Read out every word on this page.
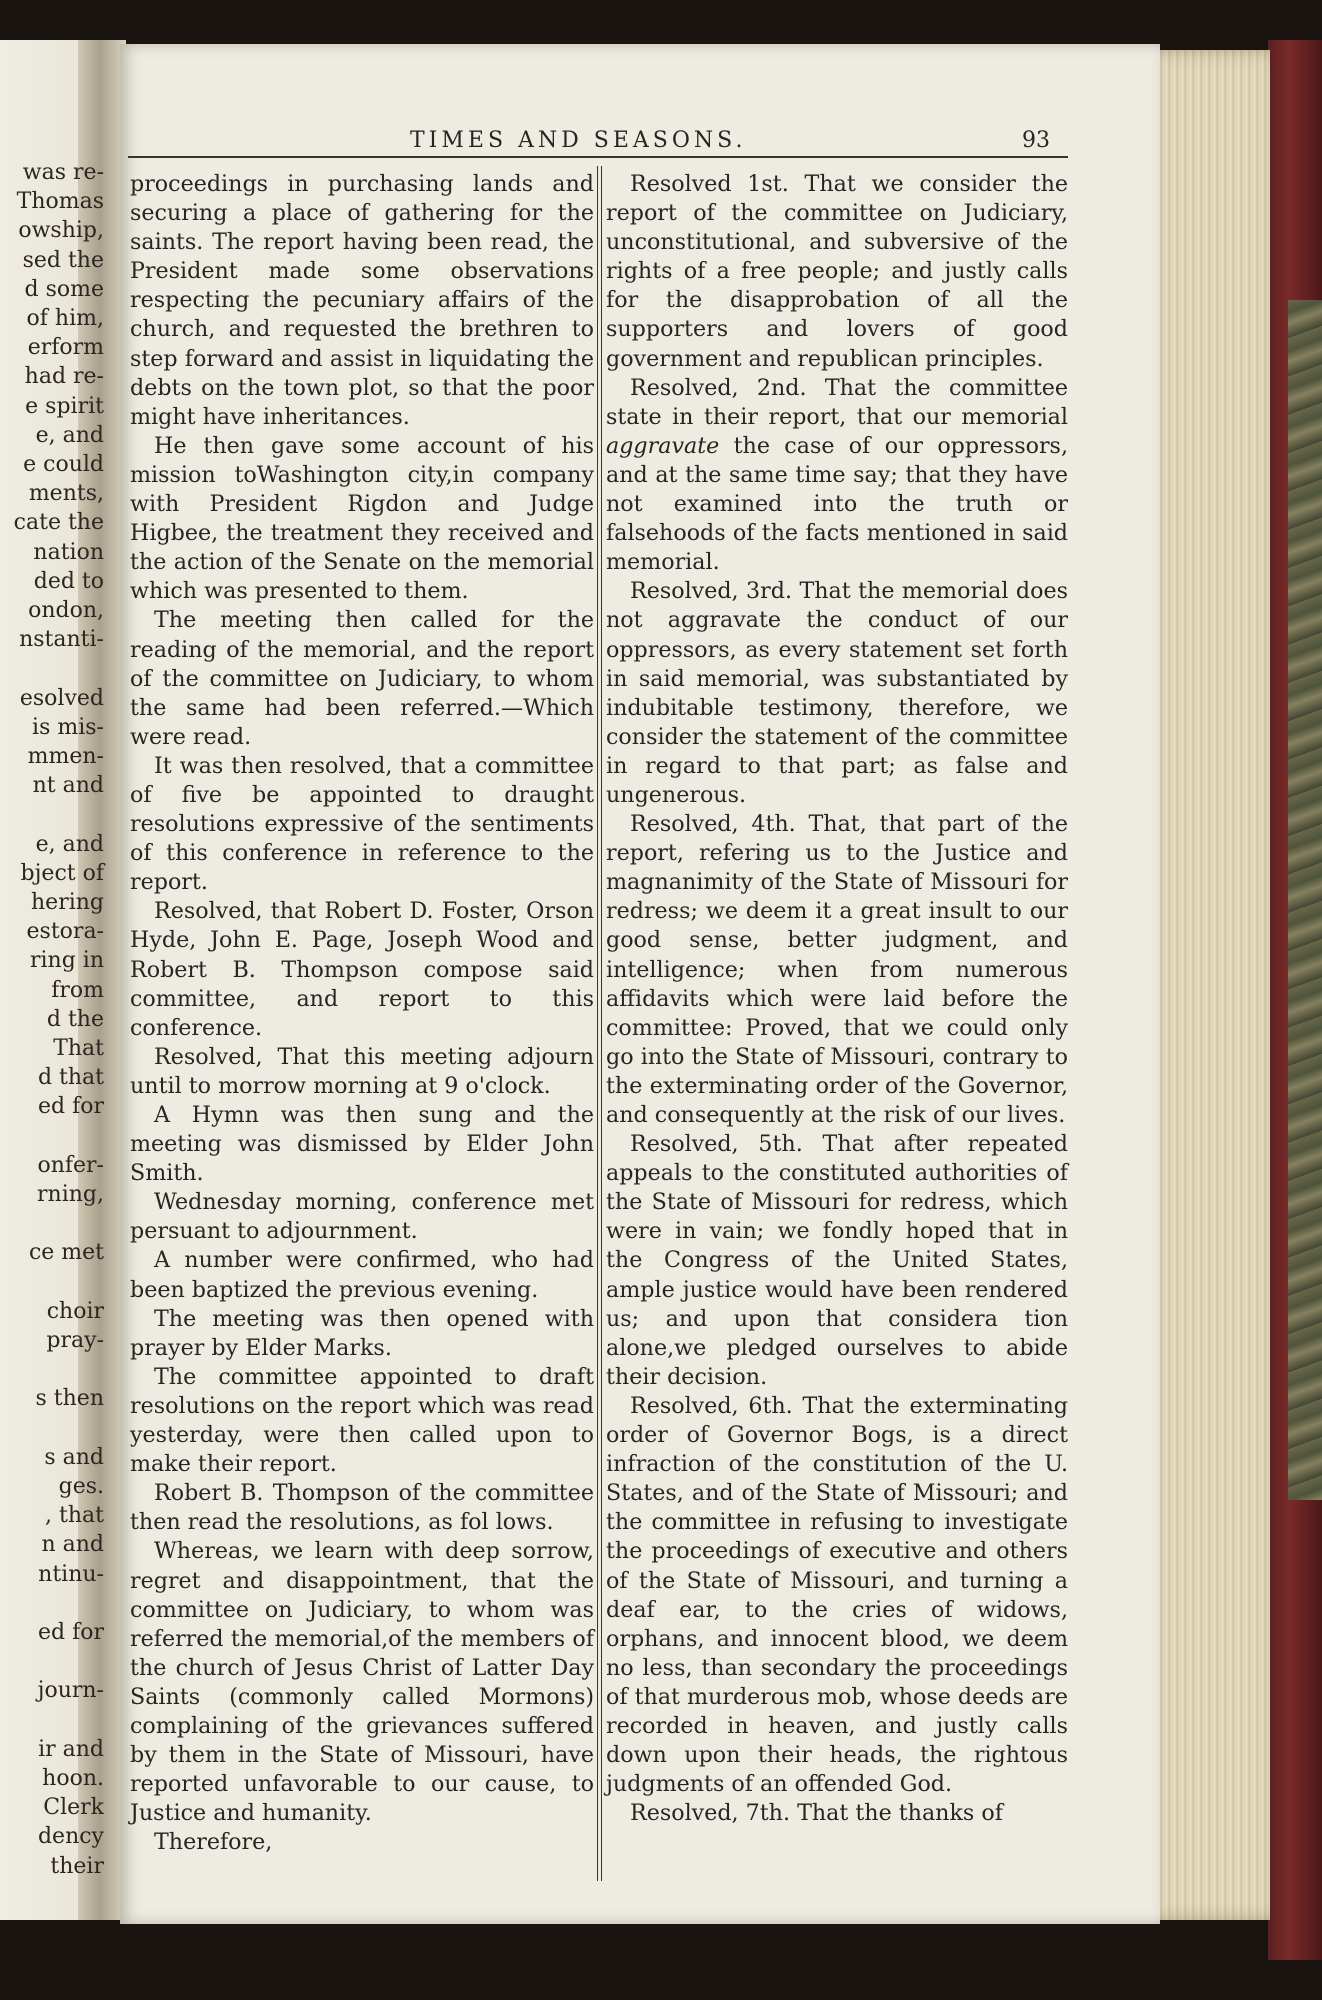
was re-
Thomas
owship,
sed the
d some
of him,
erform
had re-
e spirit
e, and
e could
ments,
cate the
nation
ded to
ondon,
nstanti-
esolved
is mis-
mmen-
nt and
e, and
bject of
hering
estora-
ring in
from
d the
That
d that
ed for
onfer-
rning,
ce met
choir
pray-
s then
s and
ges.
, that
n and
ntinu-
ed for
journ-
ir and
hoon.
Clerk
dency
their
TIMES AND SEASONS.	93

proceedings in purchasing lands and securing a place of gathering for the saints. The report having been read, the President made some observations respecting the pecuniary affairs of the church, and requested the brethren to step forward and assist in liquidating the debts on the town plot, so that the poor might have inheritances.

He then gave some account of his mission toWashington city,in company with President Rigdon and Judge Higbee, the treatment they received and the action of the Senate on the memorial which was presented to them.

The meeting then called for the reading of the memorial, and the report of the committee on Judiciary, to whom the same had been referred.—Which were read.

It was then resolved, that a committee of five be appointed to draught resolutions expressive of the sentiments of this conference in reference to the report.

Resolved, that Robert D. Foster, Orson Hyde, John E. Page, Joseph Wood and Robert B. Thompson compose said committee, and report to this conference.

Resolved, That this meeting adjourn until to morrow morning at 9 o'clock.

A Hymn was then sung and the meeting was dismissed by Elder John Smith.

Wednesday morning, conference met persuant to adjournment.

A number were confirmed, who had been baptized the previous evening.

The meeting was then opened with prayer by Elder Marks.

The committee appointed to draft resolutions on the report which was read yesterday, were then called upon to make their report.

Robert B. Thompson of the committee then read the resolutions, as fol lows.

Whereas, we learn with deep sorrow, regret and disappointment, that the committee on Judiciary, to whom was referred the memorial,of the members of the church of Jesus Christ of Latter Day Saints (commonly called Mormons) complaining of the grievances suffered by them in the State of Missouri, have reported unfavorable to our cause, to Justice and humanity.

Therefore,

Resolved 1st. That we consider the report of the committee on Judiciary, unconstitutional, and subversive of the rights of a free people; and justly calls for the disapprobation of all the supporters and lovers of good government and republican principles.

Resolved, 2nd. That the committee state in their report, that our memorial aggravate the case of our oppressors, and at the same time say; that they have not examined into the truth or falsehoods of the facts mentioned in said memorial.

Resolved, 3rd. That the memorial does not aggravate the conduct of our oppressors, as every statement set forth in said memorial, was substantiated by indubitable testimony, therefore, we consider the statement of the committee in regard to that part; as false and ungenerous.

Resolved, 4th. That, that part of the report, refering us to the Justice and magnanimity of the State of Missouri for redress; we deem it a great insult to our good sense, better judgment, and intelligence; when from numerous affidavits which were laid before the committee: Proved, that we could only go into the State of Missouri, contrary to the exterminating order of the Governor, and consequently at the risk of our lives.

Resolved, 5th. That after repeated appeals to the constituted authorities of the State of Missouri for redress, which were in vain; we fondly hoped that in the Congress of the United States, ample justice would have been rendered us; and upon that considera tion alone,we pledged ourselves to abide their decision.

Resolved, 6th. That the exterminating order of Governor Bogs, is a direct infraction of the constitution of the U. States, and of the State of Missouri; and the committee in refusing to investigate the proceedings of executive and others of the State of Missouri, and turning a deaf ear, to the cries of widows, orphans, and innocent blood, we deem no less, than secondary the proceedings of that murderous mob, whose deeds are recorded in heaven, and justly calls down upon their heads, the rightous judgments of an offended God.

Resolved, 7th. That the thanks of
